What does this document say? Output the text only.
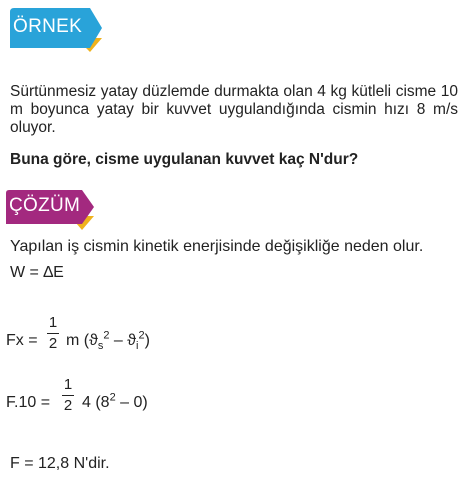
ÖRNEK

Sürtünmesiz yatay düzlemde durmakta olan 4 kg kütleli cisme 10 m boyunca yatay bir kuvvet uygulandığında cismin hızı 8 m/s oluyor.

Buna göre, cisme uygulanan kuvvet kaç N'dur?

ÇÖZÜM

Yapılan iş cismin kinetik enerjisinde değişikliğe neden olur.

W = ∆E

Fx =
1
2 m $(ϑ_s^2 - ϑ_i^2)$
F.10 =
1
2 4 $(8^2 - 0)$

F = 12,8 N'dir.
